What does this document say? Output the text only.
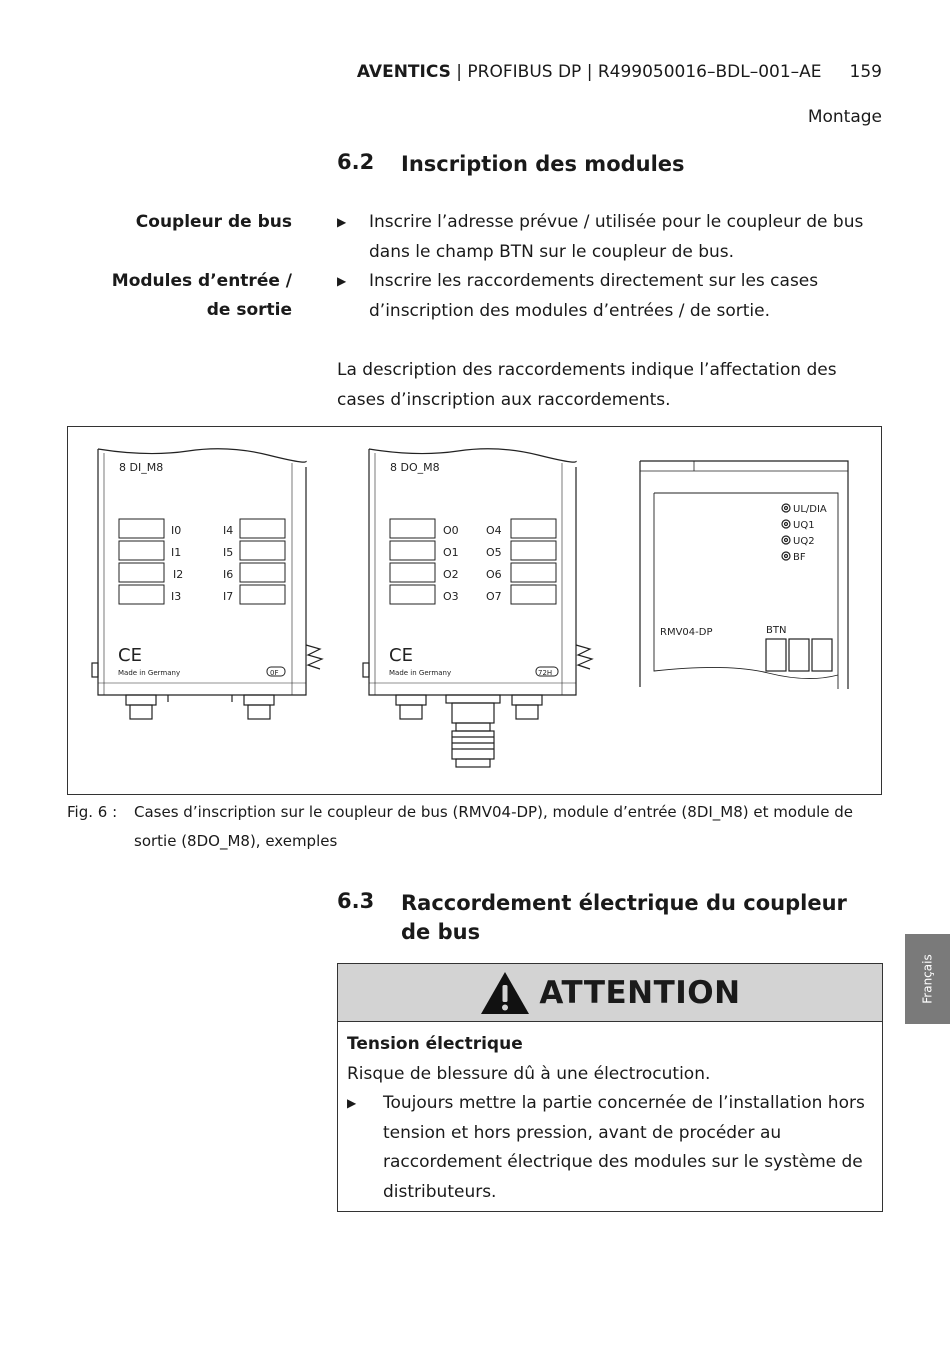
AVENTICS | PROFIBUS DP | R499050016–BDL–001–AE 159
Montage
6.2 Inscription des modules
Coupleur de bus	▶ Inscrire l’adresse prévue / utilisée pour le coupleur de bus dans le champ BTN sur le coupleur de bus.
Modules d’entrée /
de sortie
▶ Inscrire les raccordements directement sur les cases d’inscription des modules d’entrées / de sortie.
La description des raccordements indique l’affectation des cases d’inscription aux raccordements.
8 DI_M8
I0
I1
I2
I3
I4
I5
I6
I7
CE
Made in Germany	0F
8 DO_M8
O0
O1
O2
O3
O4
O5
O6
O7
CE
Made in Germany	72H
UL/DIA
UQ1
UQ2
BF
RMV04-DP	BTN
Fig. 6 : Cases d’inscription sur le coupleur de bus (RMV04-DP), module d’entrée (8DI_M8) et module de sortie (8DO_M8), exemples
6.3 Raccordement électrique du coupleur de bus
ATTENTION
Tension électrique
Risque de blessure dû à une électrocution.
▶ Toujours mettre la partie concernée de l’installation hors tension et hors pression, avant de procéder au raccordement électrique des modules sur le système de distributeurs.
Français
